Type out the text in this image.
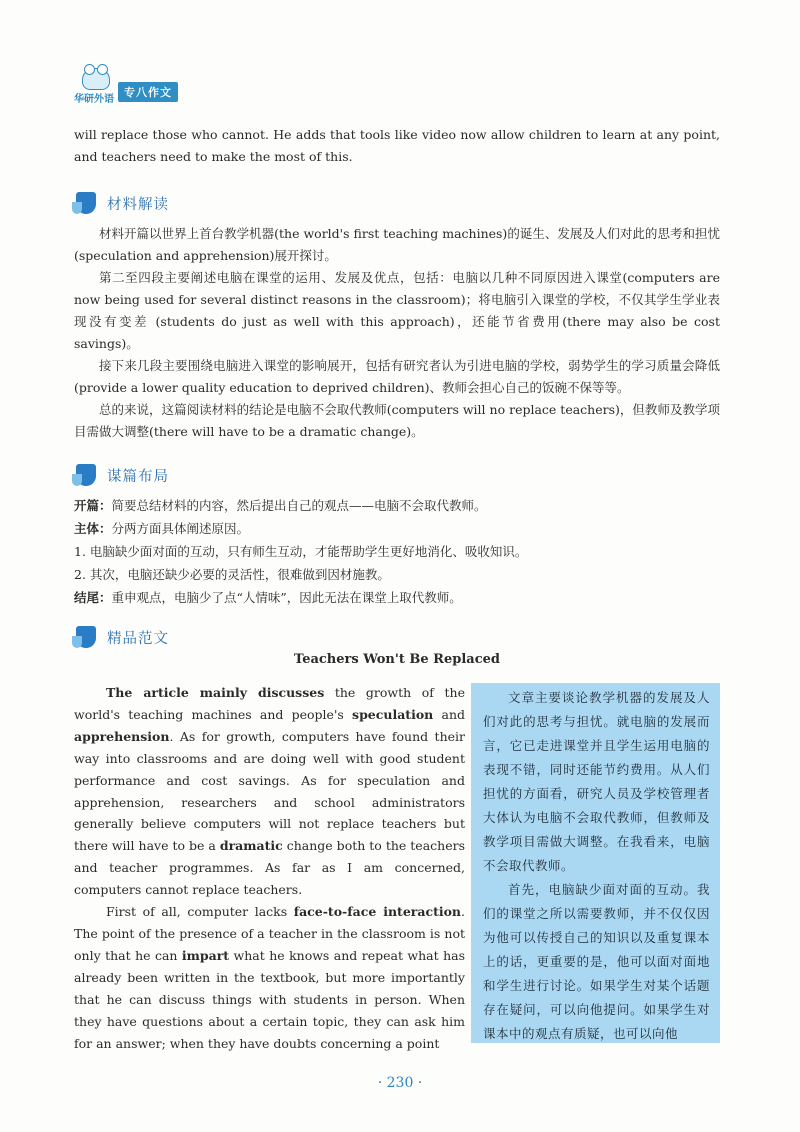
华研外语
专八作文
will replace those who cannot. He adds that tools like video now allow children to learn at any point, and teachers need to make the most of this.
材料解读
材料开篇以世界上首台教学机器(the world's first teaching machines)的诞生、发展及人们对此的思考和担忧(speculation and apprehension)展开探讨。
第二至四段主要阐述电脑在课堂的运用、发展及优点，包括：电脑以几种不同原因进入课堂(computers are now being used for several distinct reasons in the classroom)；将电脑引入课堂的学校，不仅其学生学业表现没有变差 (students do just as well with this approach)，还能节省费用(there may also be cost savings)。
接下来几段主要围绕电脑进入课堂的影响展开，包括有研究者认为引进电脑的学校，弱势学生的学习质量会降低(provide a lower quality education to deprived children)、教师会担心自己的饭碗不保等等。
总的来说，这篇阅读材料的结论是电脑不会取代教师(computers will no replace teachers)，但教师及教学项目需做大调整(there will have to be a dramatic change)。
谋篇布局
开篇：简要总结材料的内容，然后提出自己的观点——电脑不会取代教师。
主体：分两方面具体阐述原因。
1. 电脑缺少面对面的互动，只有师生互动，才能帮助学生更好地消化、吸收知识。
2. 其次，电脑还缺少必要的灵活性，很难做到因材施教。
结尾：重申观点，电脑少了点“人情味”，因此无法在课堂上取代教师。
精品范文
Teachers Won't Be Replaced
The article mainly discusses the growth of the world's teaching machines and people's speculation and apprehension. As for growth, computers have found their way into classrooms and are doing well with good student performance and cost savings. As for speculation and apprehension, researchers and school administrators generally believe computers will not replace teachers but there will have to be a dramatic change both to the teachers and teacher programmes. As far as I am concerned, computers cannot replace teachers.
First of all, computer lacks face-to-face interaction. The point of the presence of a teacher in the classroom is not only that he can impart what he knows and repeat what has already been written in the textbook, but more importantly that he can discuss things with students in person. When they have questions about a certain topic, they can ask him for an answer; when they have doubts concerning a point

文章主要谈论教学机器的发展及人们对此的思考与担忧。就电脑的发展而言，它已走进课堂并且学生运用电脑的表现不错，同时还能节约费用。从人们担忧的方面看，研究人员及学校管理者大体认为电脑不会取代教师，但教师及教学项目需做大调整。在我看来，电脑不会取代教师。

首先，电脑缺少面对面的互动。我们的课堂之所以需要教师，并不仅仅因为他可以传授自己的知识以及重复课本上的话，更重要的是，他可以面对面地和学生进行讨论。如果学生对某个话题存在疑问，可以向他提问。如果学生对课本中的观点有质疑，也可以向他

· 230 ·
